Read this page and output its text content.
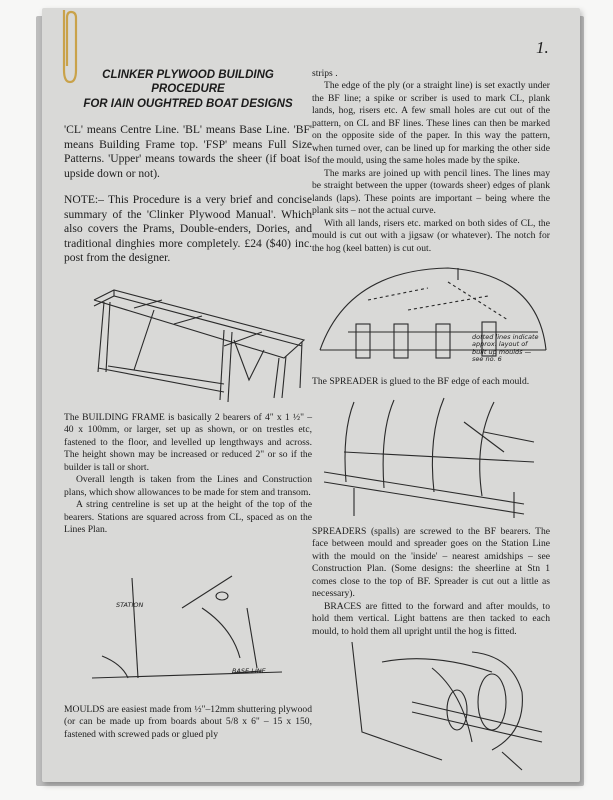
1.
CLINKER PLYWOOD BUILDING PROCEDURE
FOR IAIN OUGHTRED BOAT DESIGNS

'CL' means Centre Line. 'BL' means Base Line. 'BF' means Building Frame top. 'FSP' means Full Size Patterns. 'Upper' means towards the sheer (if boat is upside down or not).

NOTE:– This Procedure is a very brief and concise summary of the 'Clinker Plywood Manual'. Which also covers the Prams, Double-enders, Dories, and traditional dinghies more completely. £24 ($40) inc. post from the designer.

The BUILDING FRAME is basically 2 bearers of 4" x 1 ½" – 40 x 100mm, or larger, set up as shown, or on trestles etc, fastened to the floor, and levelled up lengthways and across. The height shown may be increased or reduced 2" or so if the builder is tall or short.

Overall length is taken from the Lines and Construction plans, which show allowances to be made for stem and transom.

A string centreline is set up at the height of the top of the bearers. Stations are squared across from CL, spaced as on the Lines Plan.

STATION
BASE LINE

MOULDS are easiest made from ½"–12mm shuttering plywood (or can be made up from boards about 5/8 x 6" – 15 x 150, fastened with screwed pads or glued ply

strips .

The edge of the ply (or a straight line) is set exactly under the BF line; a spike or scriber is used to mark CL, plank lands, hog, risers etc. A few small holes are cut out of the pattern, on CL and BF lines. These lines can then be marked on the opposite side of the paper. In this way the pattern, when turned over, can be lined up for marking the other side of the mould, using the same holes made by the spike.

The marks are joined up with pencil lines. The lines may be straight between the upper (towards sheer) edges of plank lands (laps). These points are important – being where the plank sits – not the actual curve.

With all lands, risers etc. marked on both sides of CL, the mould is cut out with a jigsaw (or whatever). The notch for the hog (keel batten) is cut out.

dotted lines indicate approx. layout of built up moulds — see no. 6

The SPREADER is glued to the BF edge of each mould.

SPREADERS (spalls) are screwed to the BF bearers. The face between mould and spreader goes on the Station Line with the mould on the 'inside' – nearest amidships – see Construction Plan. (Some designs: the sheerline at Stn 1 comes close to the top of BF. Spreader is cut out a little as necessary).

BRACES are fitted to the forward and after moulds, to hold them vertical. Light battens are then tacked to each mould, to hold them all upright until the hog is fitted.
